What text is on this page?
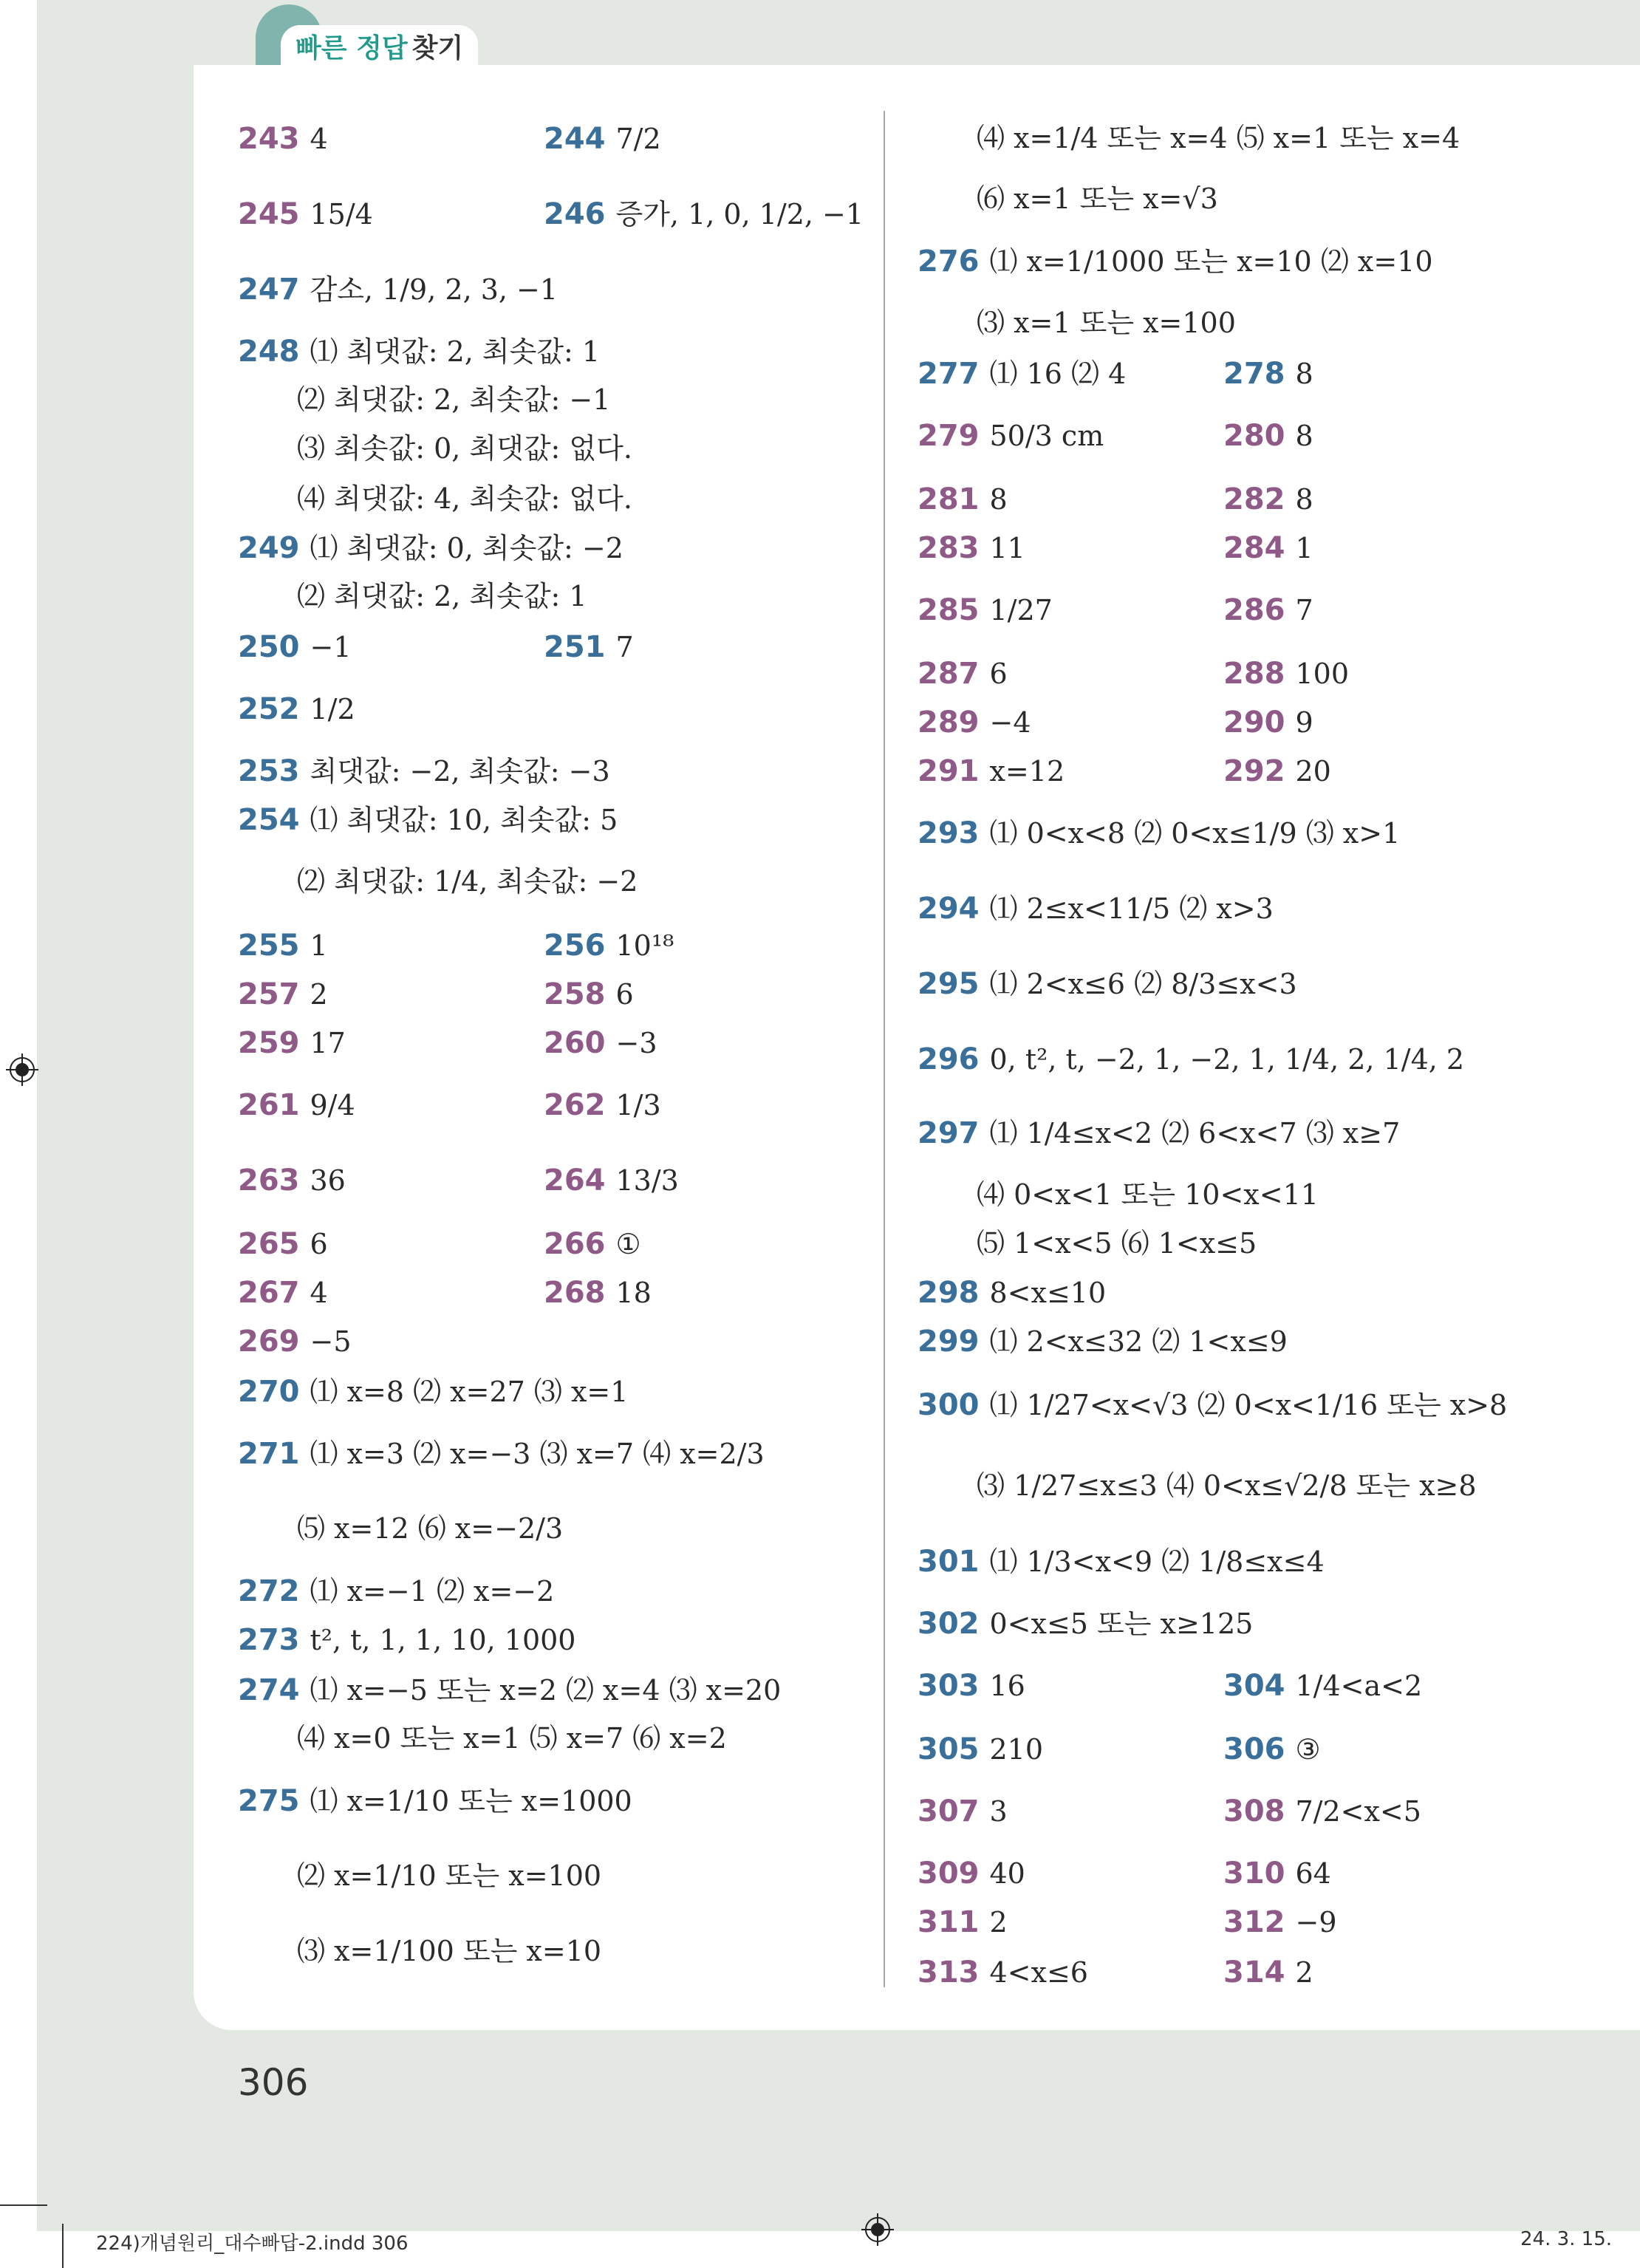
빠른 정답 찾기
243 4	244 7/2
245 15/4	246 증가, 1, 0, 1/2, −1
247 감소, 1/9, 2, 3, −1
248 ⑴ 최댓값: 2, 최솟값: 1
⑵ 최댓값: 2, 최솟값: −1
⑶ 최솟값: 0, 최댓값: 없다.
⑷ 최댓값: 4, 최솟값: 없다.
249 ⑴ 최댓값: 0, 최솟값: −2
⑵ 최댓값: 2, 최솟값: 1
250 −1	251 7
252 1/2
253 최댓값: −2, 최솟값: −3
254 ⑴ 최댓값: 10, 최솟값: 5
⑵ 최댓값: 1/4, 최솟값: −2
255 1	256 10¹⁸
257 2	258 6
259 17	260 −3
261 9/4	262 1/3
263 36	264 13/3
265 6	266 ①
267 4	268 18
269 −5
270 ⑴ x=8 ⑵ x=27 ⑶ x=1
271 ⑴ x=3 ⑵ x=−3 ⑶ x=7 ⑷ x=2/3
⑸ x=12 ⑹ x=−2/3
272 ⑴ x=−1 ⑵ x=−2
273 t², t, 1, 1, 10, 1000
274 ⑴ x=−5 또는 x=2 ⑵ x=4 ⑶ x=20
⑷ x=0 또는 x=1 ⑸ x=7 ⑹ x=2
275 ⑴ x=1/10 또는 x=1000
⑵ x=1/10 또는 x=100
⑶ x=1/100 또는 x=10
⑷ x=1/4 또는 x=4 ⑸ x=1 또는 x=4
⑹ x=1 또는 x=√3
276 ⑴ x=1/1000 또는 x=10 ⑵ x=10
⑶ x=1 또는 x=100
277 ⑴ 16 ⑵ 4	278 8
279 50/3 cm	280 8
281 8	282 8
283 11	284 1
285 1/27	286 7
287 6	288 100
289 −4	290 9
291 x=12	292 20
293 ⑴ 0<x<8 ⑵ 0<x≤1/9 ⑶ x>1
294 ⑴ 2≤x<11/5 ⑵ x>3
295 ⑴ 2<x≤6 ⑵ 8/3≤x<3
296 0, t², t, −2, 1, −2, 1, 1/4, 2, 1/4, 2
297 ⑴ 1/4≤x<2 ⑵ 6<x<7 ⑶ x≥7
⑷ 0<x<1 또는 10<x<11
⑸ 1<x<5 ⑹ 1<x≤5
298 8<x≤10
299 ⑴ 2<x≤32 ⑵ 1<x≤9
300 ⑴ 1/27<x<√3 ⑵ 0<x<1/16 또는 x>8
⑶ 1/27≤x≤3 ⑷ 0<x≤√2/8 또는 x≥8
301 ⑴ 1/3<x<9 ⑵ 1/8≤x≤4
302 0<x≤5 또는 x≥125
303 16	304 1/4<a<2
305 210	306 ③
307 3	308 7/2<x<5
309 40	310 64
311 2	312 −9
313 4<x≤6	314 2
306
224)개념원리_대수빠답-2.indd 306	24. 3. 15.
